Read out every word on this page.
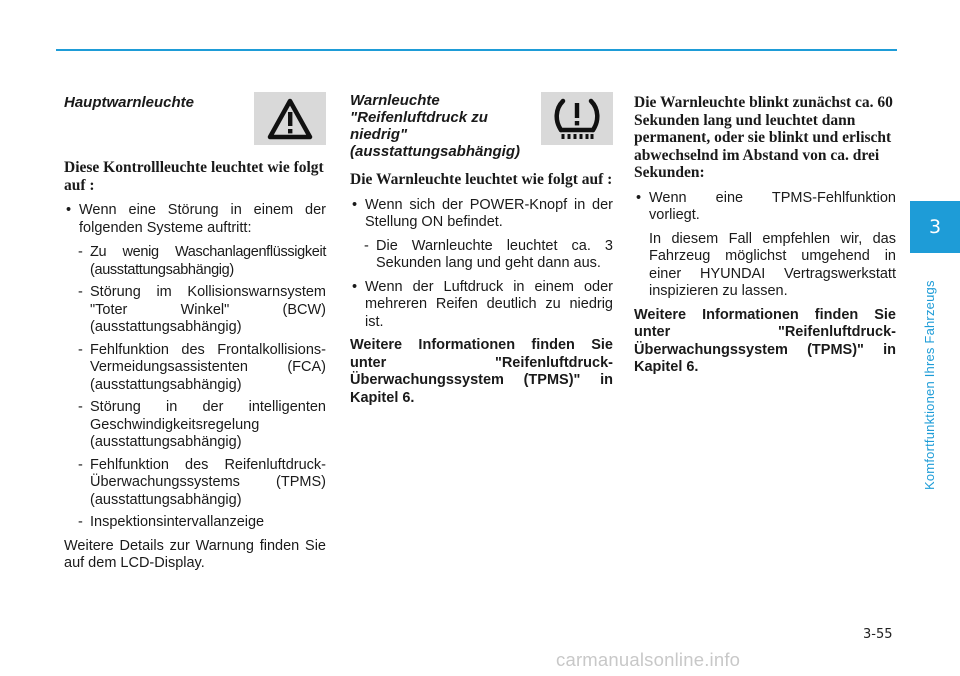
3
Komfortfunktionen Ihres Fahrzeugs
Hauptwarnleuchte

Diese Kontrollleuchte leuchtet wie folgt auf :

• Wenn eine Störung in einem der folgenden Systeme auftritt:
- Zu wenig Waschanlagenflüssigkeit (ausstattungsabhängig)
- Störung im Kollisionswarnsystem "Toter Winkel" (BCW) (ausstattungsabhängig)
- Fehlfunktion des Frontalkollisions-Vermeidungsassistenten (FCA) (ausstattungsabhängig)
- Störung in der intelligenten Geschwindigkeitsregelung (ausstattungsabhängig)
- Fehlfunktion des Reifenluftdruck-Überwachungssystems (TPMS) (ausstattungsabhängig)
- Inspektionsintervallanzeige

Weitere Details zur Warnung finden Sie auf dem LCD-Display.

Warnleuchte "Reifenluftdruck zu niedrig" (ausstattungsabhängig)

Die Warnleuchte leuchtet wie folgt auf :

• Wenn sich der POWER-Knopf in der Stellung ON befindet.
- Die Warnleuchte leuchtet ca. 3 Sekunden lang und geht dann aus.
• Wenn der Luftdruck in einem oder mehreren Reifen deutlich zu niedrig ist.

Weitere Informationen finden Sie unter "Reifenluftdruck-Überwachungssystem (TPMS)" in Kapitel 6.

Die Warnleuchte blinkt zunächst ca. 60 Sekunden lang und leuchtet dann permanent, oder sie blinkt und erlischt abwechselnd im Abstand von ca. drei Sekunden:

• Wenn eine TPMS-Fehlfunktion vorliegt.

In diesem Fall empfehlen wir, das Fahrzeug möglichst umgehend in einer HYUNDAI Vertragswerkstatt inspizieren zu lassen.

Weitere Informationen finden Sie unter "Reifenluftdruck-Überwachungssystem (TPMS)" in Kapitel 6.

3-55
carmanualsonline.info
